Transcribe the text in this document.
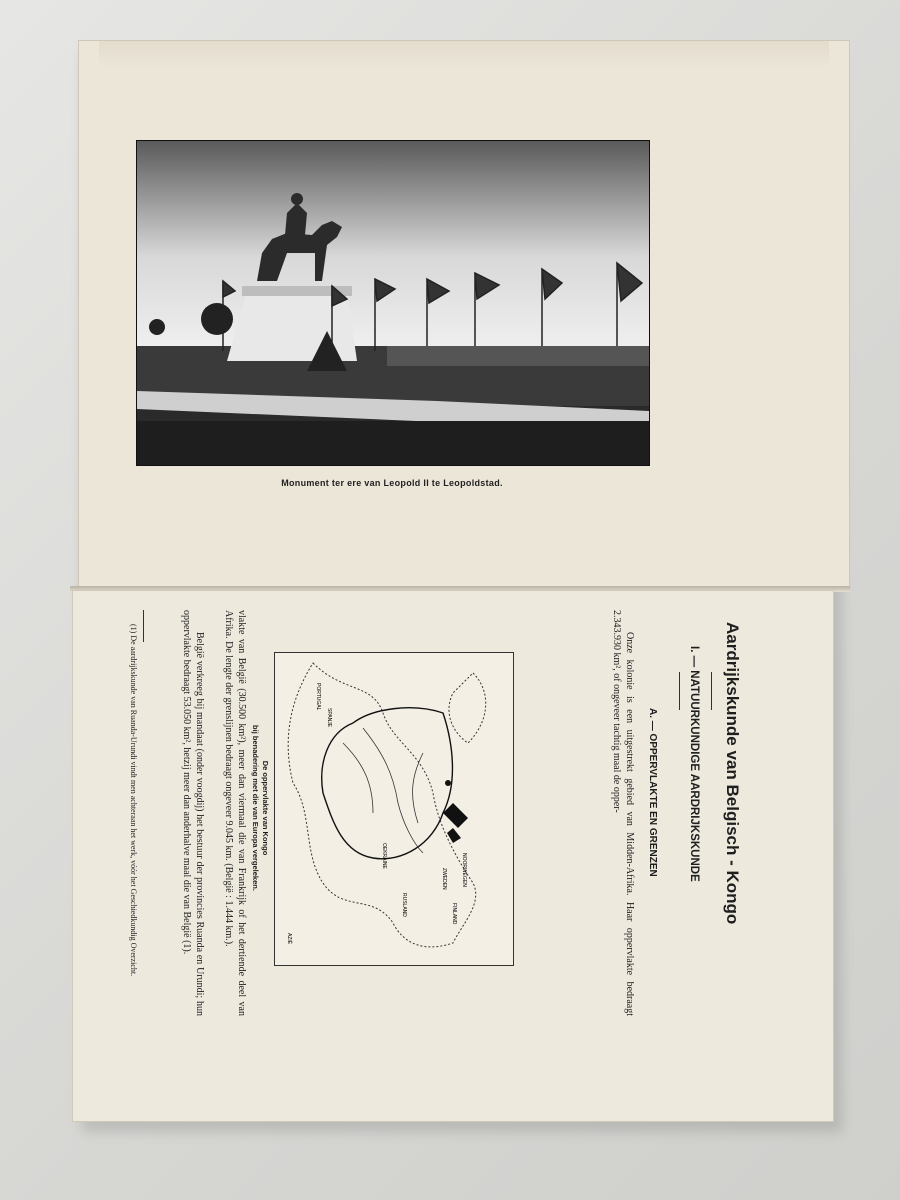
Monument ter ere van Leopold II te Leopoldstad.
Aardrijkskunde van Belgisch - Kongo
I. — NATUURKUNDIGE AARDRIJKSKUNDE
A. — OPPERVLAKTE EN GRENZEN
Onze kolonie is een uitgestrekt gebied van Midden-Afrika. Haar oppervlakte bedraagt 2.343.930 km², of ongeveer tachtig maal de opper-
PORTUGAL
SPANJE
NOORWEGEN
ZWEDEN
FINLAND
RUSLAND
OEKRAINE
AZIË
De oppervlakte van Kongo
bij benadering met die van Europa vergeleken.
vlakte van België (30.500 km²), meer dan viermaal die van Frankrijk of het dertiende deel van Afrika. De lengte der grenslijnen bedraagt ongeveer 9.045 km. (België : 1.444 km.).
België verkreeg bij mandaat (onder voogdij) het bestuur der provincies Ruanda en Urundi; hun oppervlakte bedraagt 53.050 km², hetzij meer dan anderhalve maal die van België (1).
(1) De aardrijkskunde van Ruanda-Urundi vindt men achteraan het werk, vóór het Geschiedkundig Overzicht.
